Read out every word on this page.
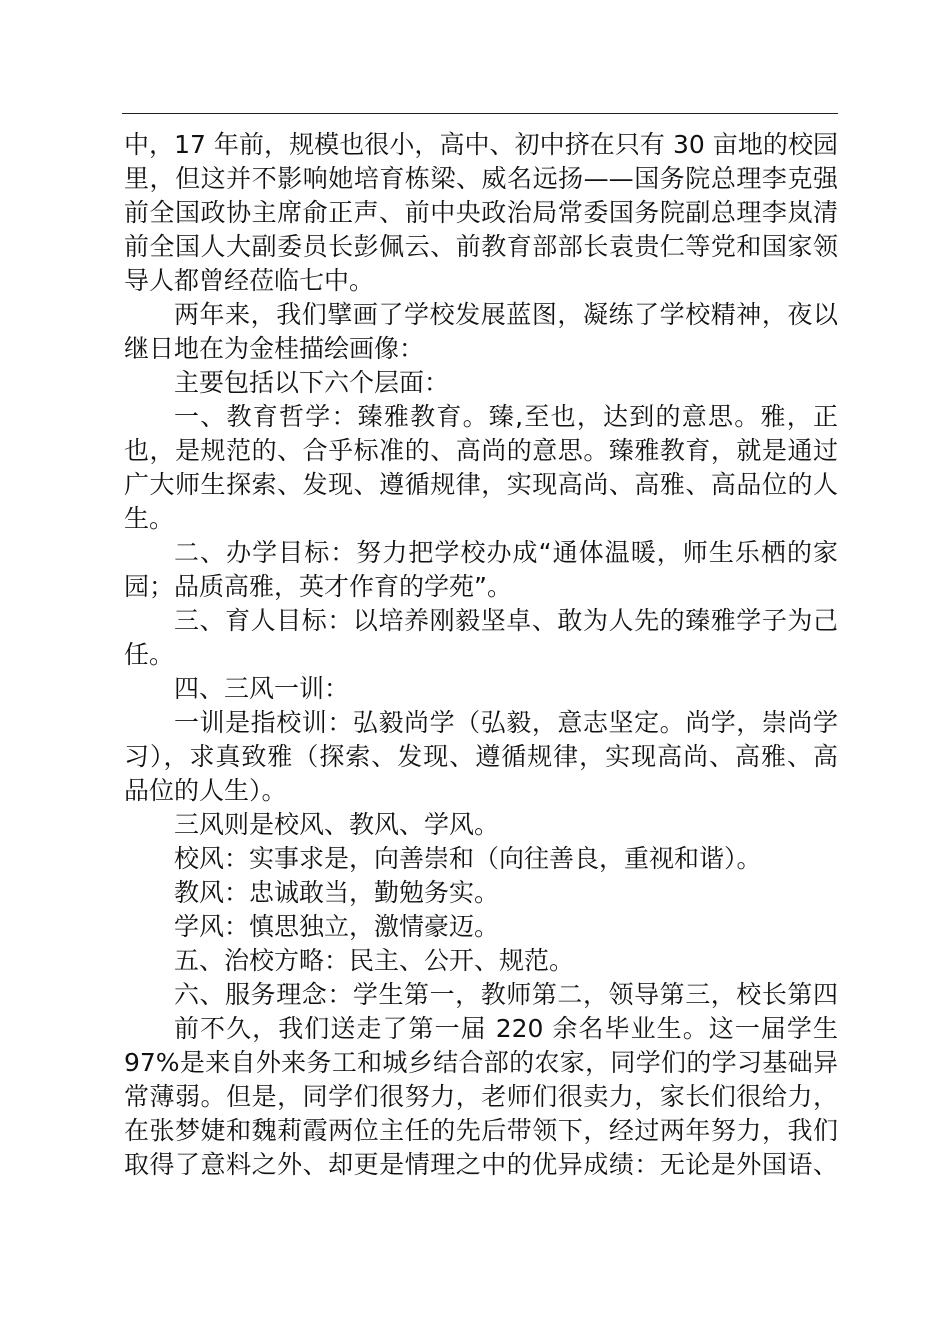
中，17 年前，规模也很小，高中、初中挤在只有 30 亩地的校园
里，但这并不影响她培育栋梁、威名远扬——国务院总理李克强
前全国政协主席俞正声、前中央政治局常委国务院副总理李岚清
前全国人大副委员长彭佩云、前教育部部长袁贵仁等党和国家领
导人都曾经莅临七中。
两年来，我们擘画了学校发展蓝图，凝练了学校精神，夜以
继日地在为金桂描绘画像：
主要包括以下六个层面：
一、教育哲学：臻雅教育。臻,至也，达到的意思。雅，正
也，是规范的、合乎标准的、高尚的意思。臻雅教育，就是通过
广大师生探索、发现、遵循规律，实现高尚、高雅、高品位的人
生。
二、办学目标：努力把学校办成“通体温暖，师生乐栖的家
园；品质高雅，英才作育的学苑”。
三、育人目标：以培养刚毅坚卓、敢为人先的臻雅学子为己
任。
四、三风一训：
一训是指校训：弘毅尚学（弘毅，意志坚定。尚学，崇尚学
习），求真致雅（探索、发现、遵循规律，实现高尚、高雅、高
品位的人生）。
三风则是校风、教风、学风。
校风：实事求是，向善崇和（向往善良，重视和谐）。
教风：忠诚敢当，勤勉务实。
学风：慎思独立，激情豪迈。
五、治校方略：民主、公开、规范。
六、服务理念：学生第一，教师第二，领导第三，校长第四
前不久，我们送走了第一届 220 余名毕业生。这一届学生
97%是来自外来务工和城乡结合部的农家，同学们的学习基础异
常薄弱。但是，同学们很努力，老师们很卖力，家长们很给力，
在张梦婕和魏莉霞两位主任的先后带领下，经过两年努力，我们
取得了意料之外、却更是情理之中的优异成绩：无论是外国语、
